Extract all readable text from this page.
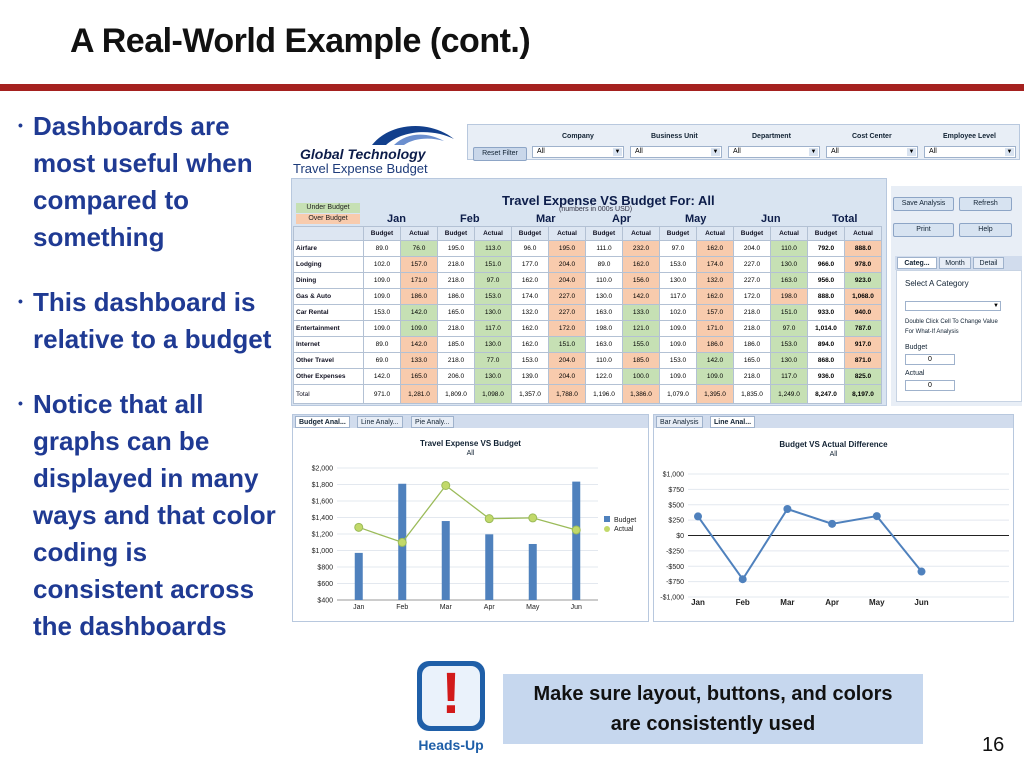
A Real-World Example (cont.)
• Dashboards are most useful when compared to something
• This dashboard is relative to a budget
• Notice that all graphs can be displayed in many ways and that color coding is consistent across the dashboards
Global Technology
Travel Expense Budget
Reset Filter
Company
All	▼
Business Unit
All	▼
Department
All	▼
Cost Center
All	▼
Employee Level
All	▼
Under Budget
Over Budget
Travel Expense VS Budget For: All
(numbers in 000s USD)
Jan	Feb	Mar	Apr	May	Jun	Total
	Budget	Actual	Budget	Actual	Budget	Actual	Budget	Actual	Budget	Actual	Budget	Actual	Budget	Actual
Airfare	89.0	76.0	195.0	113.0	96.0	195.0	111.0	232.0	97.0	162.0	204.0	110.0	792.0	888.0
Lodging	102.0	157.0	218.0	151.0	177.0	204.0	89.0	162.0	153.0	174.0	227.0	130.0	966.0	978.0
Dining	109.0	171.0	218.0	97.0	162.0	204.0	110.0	156.0	130.0	132.0	227.0	163.0	956.0	923.0
Gas & Auto	109.0	186.0	186.0	153.0	174.0	227.0	130.0	142.0	117.0	162.0	172.0	198.0	888.0	1,068.0
Car Rental	153.0	142.0	165.0	130.0	132.0	227.0	163.0	133.0	102.0	157.0	218.0	151.0	933.0	940.0
Entertainment	109.0	109.0	218.0	117.0	162.0	172.0	198.0	121.0	109.0	171.0	218.0	97.0	1,014.0	787.0
Internet	89.0	142.0	185.0	130.0	162.0	151.0	163.0	155.0	109.0	186.0	186.0	153.0	894.0	917.0
Other Travel	69.0	133.0	218.0	77.0	153.0	204.0	110.0	185.0	153.0	142.0	165.0	130.0	868.0	871.0
Other Expenses	142.0	165.0	206.0	130.0	139.0	204.0	122.0	100.0	109.0	109.0	218.0	117.0	936.0	825.0
Total	971.0	1,281.0	1,809.0	1,098.0	1,357.0	1,788.0	1,196.0	1,386.0	1,079.0	1,395.0	1,835.0	1,249.0	8,247.0	8,197.0
Save Analysis	Refresh
Print	Help
Categ...	Month	Detail
Select A Category
▼
Double Click Cell To Change Value For What-If Analysis
Budget
0
Actual
0
Budget Anal...	Line Analy...	Pie Analy...
Travel Expense VS Budget
All
$400
$600
$800
$1,000
$1,200
$1,400
$1,600
$1,800
$2,000
Jan	Feb	Mar	Apr	May	Jun
Budget
Actual
Bar Analysis	Line Anal...
Budget VS Actual Difference
All
-$1,000
-$750
-$500
-$250
$0
$250
$500
$750
$1,000
Jan	Feb	Mar	Apr	May	Jun
!
Heads-Up
Make sure layout, buttons, and colors are consistently used
16
